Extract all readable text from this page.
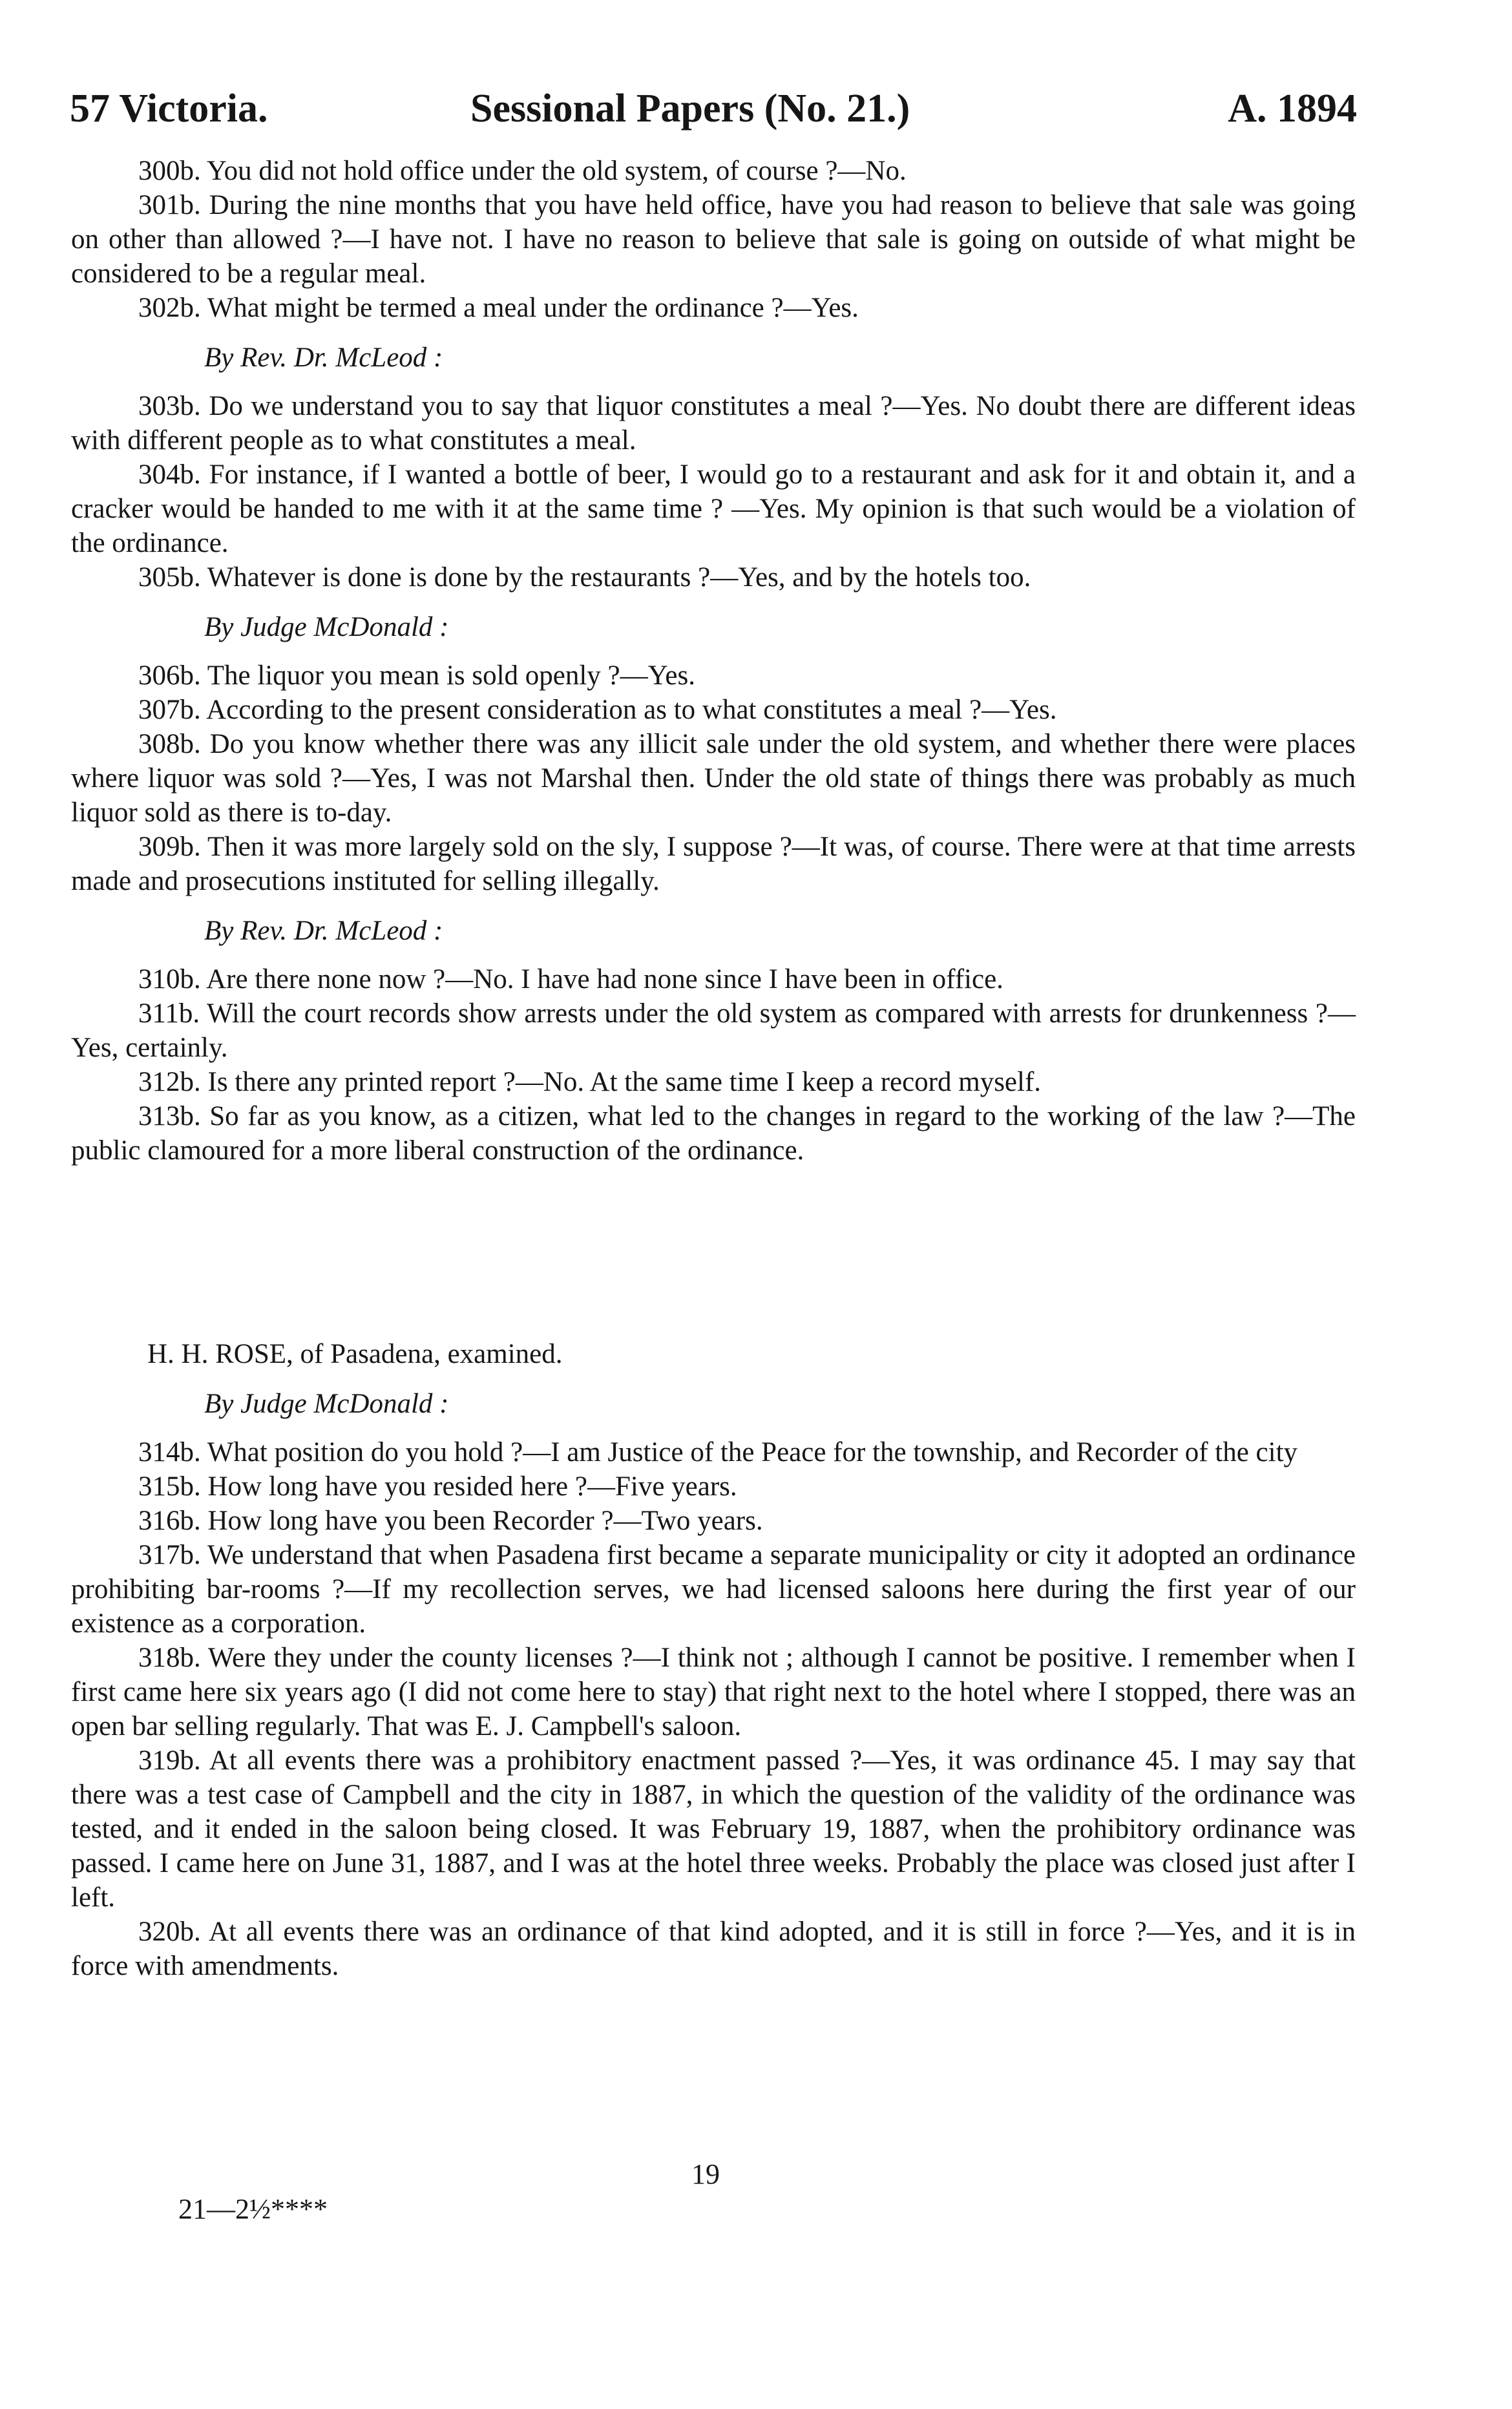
57 Victoria.	Sessional Papers (No. 21.)	A. 1894

300b. You did not hold office under the old system, of course ?—No.

301b. During the nine months that you have held office, have you had reason to believe that sale was going on other than allowed ?—I have not. I have no reason to believe that sale is going on outside of what might be considered to be a regular meal.

302b. What might be termed a meal under the ordinance ?—Yes.

By Rev. Dr. McLeod :

303b. Do we understand you to say that liquor constitutes a meal ?—Yes. No doubt there are different ideas with different people as to what constitutes a meal.

304b. For instance, if I wanted a bottle of beer, I would go to a restaurant and ask for it and obtain it, and a cracker would be handed to me with it at the same time ? —Yes. My opinion is that such would be a violation of the ordinance.

305b. Whatever is done is done by the restaurants ?—Yes, and by the hotels too.

By Judge McDonald :

306b. The liquor you mean is sold openly ?—Yes.

307b. According to the present consideration as to what constitutes a meal ?—Yes.

308b. Do you know whether there was any illicit sale under the old system, and whether there were places where liquor was sold ?—Yes, I was not Marshal then. Under the old state of things there was probably as much liquor sold as there is to-day.

309b. Then it was more largely sold on the sly, I suppose ?—It was, of course. There were at that time arrests made and prosecutions instituted for selling illegally.

By Rev. Dr. McLeod :

310b. Are there none now ?—No. I have had none since I have been in office.

311b. Will the court records show arrests under the old system as compared with arrests for drunkenness ?—Yes, certainly.

312b. Is there any printed report ?—No. At the same time I keep a record myself.

313b. So far as you know, as a citizen, what led to the changes in regard to the working of the law ?—The public clamoured for a more liberal construction of the ordinance.

H. H. ROSE, of Pasadena, examined.

By Judge McDonald :

314b. What position do you hold ?—I am Justice of the Peace for the township, and Recorder of the city

315b. How long have you resided here ?—Five years.

316b. How long have you been Recorder ?—Two years.

317b. We understand that when Pasadena first became a separate municipality or city it adopted an ordinance prohibiting bar-rooms ?—If my recollection serves, we had licensed saloons here during the first year of our existence as a corporation.

318b. Were they under the county licenses ?—I think not ; although I cannot be positive. I remember when I first came here six years ago (I did not come here to stay) that right next to the hotel where I stopped, there was an open bar selling regularly. That was E. J. Campbell's saloon.

319b. At all events there was a prohibitory enactment passed ?—Yes, it was ordinance 45. I may say that there was a test case of Campbell and the city in 1887, in which the question of the validity of the ordinance was tested, and it ended in the saloon being closed. It was February 19, 1887, when the prohibitory ordinance was passed. I came here on June 31, 1887, and I was at the hotel three weeks. Probably the place was closed just after I left.

320b. At all events there was an ordinance of that kind adopted, and it is still in force ?—Yes, and it is in force with amendments.

19
21—2½****
